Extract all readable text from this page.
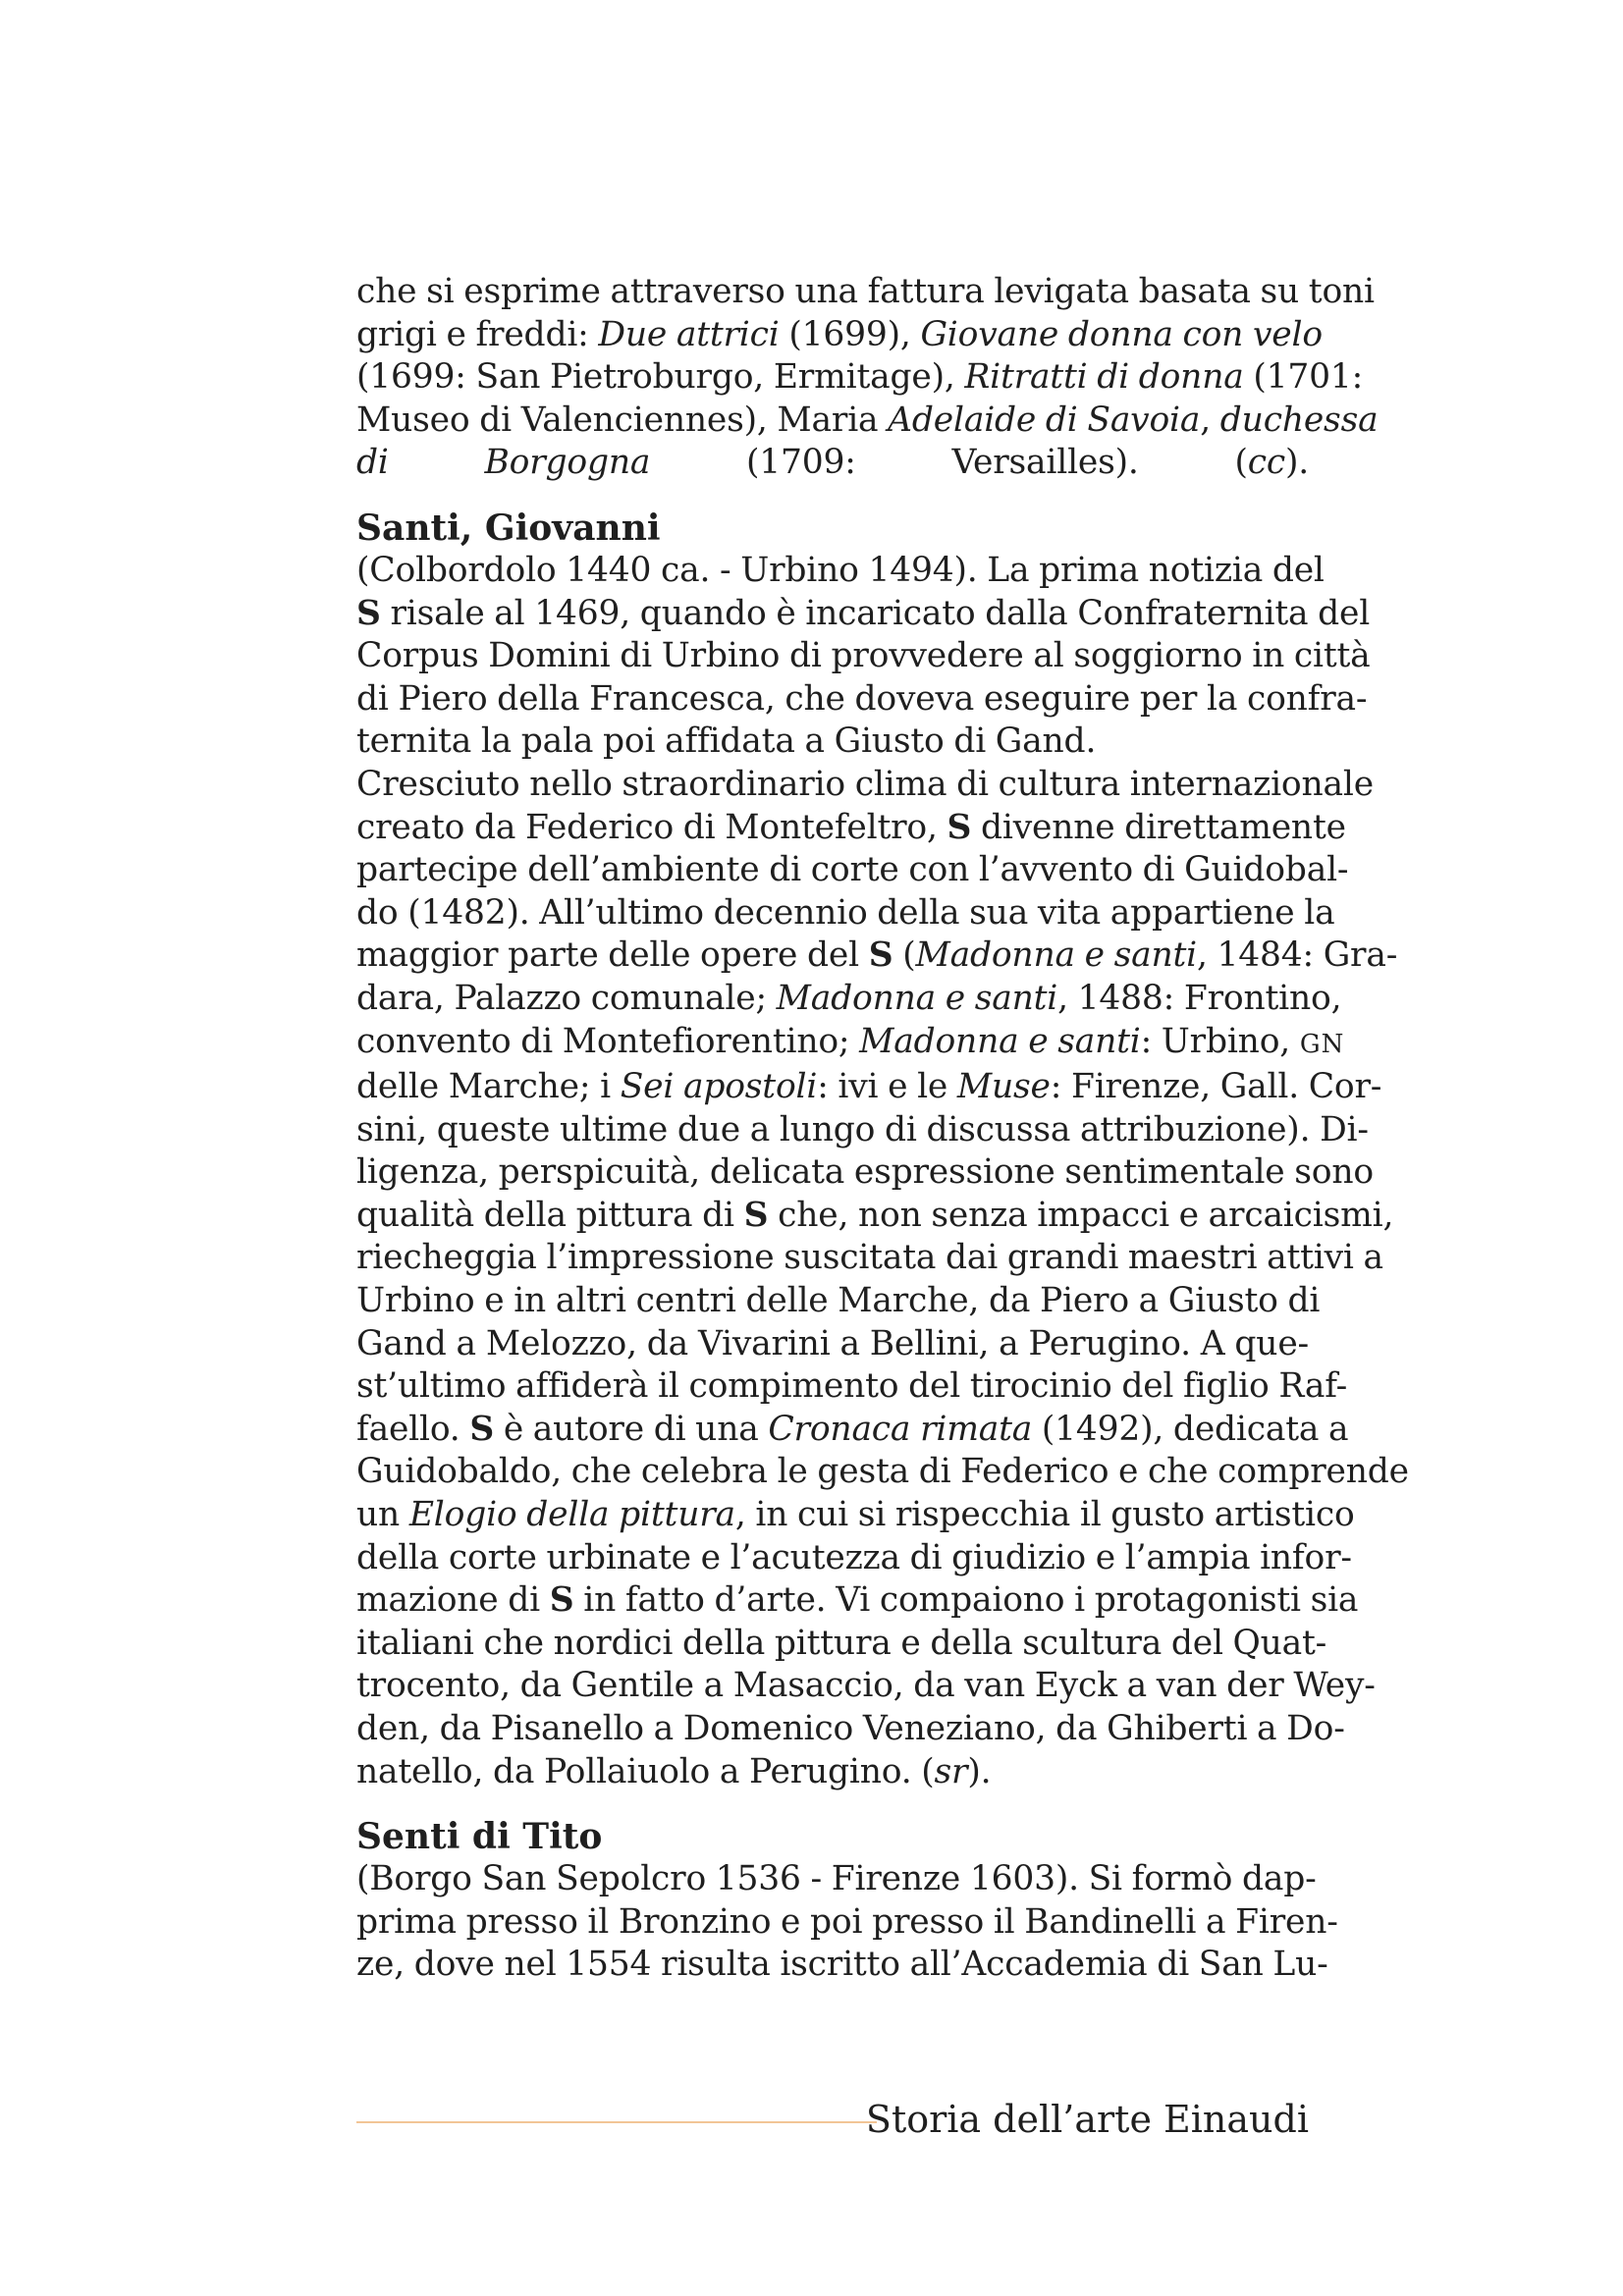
che si esprime attraverso una fattura levigata basata su toni
grigi e freddi: Due attrici (1699), Giovane donna con velo
(1699: San Pietroburgo, Ermitage), Ritratti di donna (1701:
Museo di Valenciennes), Maria Adelaide di Savoia, duchessa
di Borgogna (1709: Versailles). (cc).

Santi, Giovanni

(Colbordolo 1440 ca. - Urbino 1494). La prima notizia del
S risale al 1469, quando è incaricato dalla Confraternita del
Corpus Domini di Urbino di provvedere al soggiorno in città
di Piero della Francesca, che doveva eseguire per la confra-
ternita la pala poi affidata a Giusto di Gand.

Cresciuto nello straordinario clima di cultura internazionale
creato da Federico di Montefeltro, S divenne direttamente
partecipe dell’ambiente di corte con l’avvento di Guidobal-
do (1482). All’ultimo decennio della sua vita appartiene la
maggior parte delle opere del S (Madonna e santi, 1484: Gra-
dara, Palazzo comunale; Madonna e santi, 1488: Frontino,
convento di Montefiorentino; Madonna e santi: Urbino, GN
delle Marche; i Sei apostoli: ivi e le Muse: Firenze, Gall. Cor-
sini, queste ultime due a lungo di discussa attribuzione). Di-
ligenza, perspicuità, delicata espressione sentimentale sono
qualità della pittura di S che, non senza impacci e arcaicismi,
riecheggia l’impressione suscitata dai grandi maestri attivi a
Urbino e in altri centri delle Marche, da Piero a Giusto di
Gand a Melozzo, da Vivarini a Bellini, a Perugino. A que-
st’ultimo affiderà il compimento del tirocinio del figlio Raf-
faello. S è autore di una Cronaca rimata (1492), dedicata a
Guidobaldo, che celebra le gesta di Federico e che comprende
un Elogio della pittura, in cui si rispecchia il gusto artistico
della corte urbinate e l’acutezza di giudizio e l’ampia infor-
mazione di S in fatto d’arte. Vi compaiono i protagonisti sia
italiani che nordici della pittura e della scultura del Quat-
trocento, da Gentile a Masaccio, da van Eyck a van der Wey-
den, da Pisanello a Domenico Veneziano, da Ghiberti a Do-
natello, da Pollaiuolo a Perugino. (sr).

Senti di Tito

(Borgo San Sepolcro 1536 - Firenze 1603). Si formò dap-
prima presso il Bronzino e poi presso il Bandinelli a Firen-
ze, dove nel 1554 risulta iscritto all’Accademia di San Lu-

Storia dell’arte Einaudi
